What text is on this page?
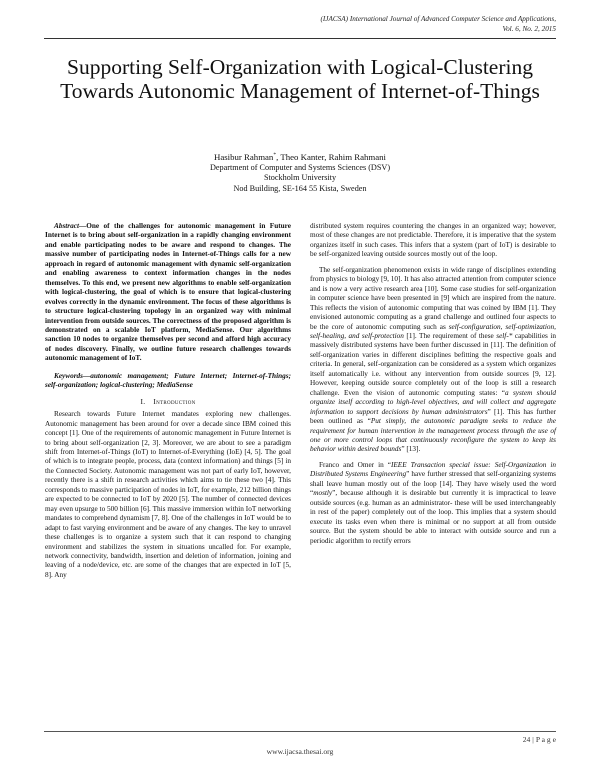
(IJACSA) International Journal of Advanced Computer Science and Applications,
Vol. 6, No. 2, 2015
Supporting Self-Organization with Logical-Clustering Towards Autonomic Management of Internet-of-Things
Hasibur Rahman*, Theo Kanter, Rahim Rahmani
Department of Computer and Systems Sciences (DSV)
Stockholm University
Nod Building, SE-164 55 Kista, Sweden

Abstract—One of the challenges for autonomic management in Future Internet is to bring about self-organization in a rapidly changing environment and enable participating nodes to be aware and respond to changes. The massive number of participating nodes in Internet-of-Things calls for a new approach in regard of autonomic management with dynamic self-organization and enabling awareness to context information changes in the nodes themselves. To this end, we present new algorithms to enable self-organization with logical-clustering, the goal of which is to ensure that logical-clustering evolves correctly in the dynamic environment. The focus of these algorithms is to structure logical-clustering topology in an organized way with minimal intervention from outside sources. The correctness of the proposed algorithm is demonstrated on a scalable IoT platform, MediaSense. Our algorithms sanction 10 nodes to organize themselves per second and afford high accuracy of nodes discovery. Finally, we outline future research challenges towards autonomic management of IoT.

Keywords—autonomic management; Future Internet; Internet-of-Things; self-organization; logical-clustering; MediaSense

I. Introduction

Research towards Future Internet mandates exploring new challenges. Autonomic management has been around for over a decade since IBM coined this concept [1]. One of the requirements of autonomic management in Future Internet is to bring about self-organization [2, 3]. Moreover, we are about to see a paradigm shift from Internet-of-Things (IoT) to Internet-of-Everything (IoE) [4, 5]. The goal of which is to integrate people, process, data (context information) and things [5] in the Connected Society. Autonomic management was not part of early IoT, however, recently there is a shift in research activities which aims to tie these two [4]. This corresponds to massive participation of nodes in IoT, for example, 212 billion things are expected to be connected to IoT by 2020 [5]. The number of connected devices may even upsurge to 500 billion [6]. This massive immersion within IoT networking mandates to comprehend dynamism [7, 8]. One of the challenges in IoT would be to adapt to fast varying environment and be aware of any changes. The key to unravel these challenges is to organize a system such that it can respond to changing environment and stabilizes the system in situations uncalled for. For example, network connectivity, bandwidth, insertion and deletion of information, joining and leaving of a node/device, etc. are some of the changes that are expected in IoT [5, 8]. Any

distributed system requires countering the changes in an organized way; however, most of these changes are not predictable. Therefore, it is imperative that the system organizes itself in such cases. This infers that a system (part of IoT) is desirable to be self-organized leaving outside sources mostly out of the loop.

The self-organization phenomenon exists in wide range of disciplines extending from physics to biology [9, 10]. It has also attracted attention from computer science and is now a very active research area [10]. Some case studies for self-organization in computer science have been presented in [9] which are inspired from the nature. This reflects the vision of autonomic computing that was coined by IBM [1]. They envisioned autonomic computing as a grand challenge and outlined four aspects to be the core of autonomic computing such as self-configuration, self-optimization, self-healing, and self-protection [1]. The requirement of these self-* capabilities in massively distributed systems have been further discussed in [11]. The definition of self-organization varies in different disciplines befitting the respective goals and criteria. In general, self-organization can be considered as a system which organizes itself automatically i.e. without any intervention from outside sources [9, 12]. However, keeping outside source completely out of the loop is still a research challenge. Even the vision of autonomic computing states: “a system should organize itself according to high-level objectives, and will collect and aggregate information to support decisions by human administrators” [1]. This has further been outlined as “Put simply, the autonomic paradigm seeks to reduce the requirement for human intervention in the management process through the use of one or more control loops that continuously reconfigure the system to keep its behavior within desired bounds” [13].

Franco and Omer in “IEEE Transaction special issue: Self-Organization in Distributed Systems Engineering” have further stressed that self-organizing systems shall leave human mostly out of the loop [14]. They have wisely used the word “mostly”, because although it is desirable but currently it is impractical to leave outside sources (e.g. human as an administrator- these will be used interchangeably in rest of the paper) completely out of the loop. This implies that a system should execute its tasks even when there is minimal or no support at all from outside source. But the system should be able to interact with outside source and run a periodic algorithm to rectify errors

24 | P a g e
www.ijacsa.thesai.org
